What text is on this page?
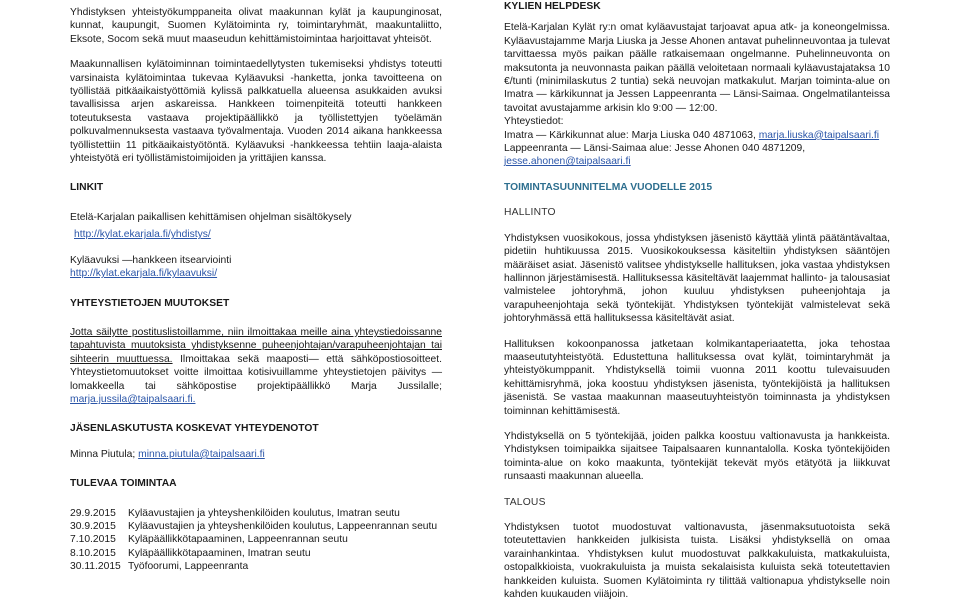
Yhdistyksen yhteistyökumppaneita olivat maakunnan kylät ja kaupunginosat, kunnat, kaupungit, Suomen Kylätoiminta ry, toimintaryhmät, maakuntaliitto, Eksote, Socom sekä muut maaseudun kehittämistoimintaa harjoittavat yhteisöt.

Maakunnallisen kylätoiminnan toimintaedellytysten tukemiseksi yhdistys toteutti varsinaista kylätoimintaa tukevaa Kyläavuksi -hanketta, jonka tavoitteena on työllistää pitkäaikaistyöttömiä kylissä palkkatuella alueensa asukkaiden avuksi tavallisissa arjen askareissa. Hankkeen toimenpiteitä toteutti hankkeen toteutuksesta vastaava projektipäällikkö ja työllistettyjen työelämän polkuvalmennuksesta vastaava työvalmentaja. Vuoden 2014 aikana hankkeessa työllistettiin 11 pitkäaikaistyötöntä. Kyläavuksi -hankkeessa tehtiin laaja-alaista yhteistyötä eri työllistämistoimijoiden ja yrittäjien kanssa.

LINKIT
Etelä-Karjalan paikallisen kehittämisen ohjelman sisältökysely
http://kylat.ekarjala.fi/yhdistys/
Kyläavuksi —hankkeen itsearviointi
http://kylat.ekarjala.fi/kylaavuksi/
YHTEYSTIETOJEN MUUTOKSET

Jotta säilytte postituslistoillamme, niin ilmoittakaa meille aina yhteystiedoissanne tapahtuvista muutoksista yhdistyksenne puheenjohtajan/varapuheenjohtajan tai sihteerin muuttuessa. Ilmoittakaa sekä maaposti— että sähköpostiosoitteet. Yhteystietomuutokset voitte ilmoittaa kotisivuillamme yhteystietojen päivitys —lomakkeella tai sähköpostise projektipäällikkö Marja Jussilalle; marja.jussila@taipalsaari.fi.

JÄSENLASKUTUSTA KOSKEVAT YHTEYDENOTOT
Minna Piutula; minna.piutula@taipalsaari.fi
TULEVAA TOIMINTAA
29.9.2015	Kyläavustajien ja yhteyshenkilöiden koulutus, Imatran seutu
30.9.2015	Kyläavustajien ja yhteyshenkilöiden koulutus, Lappeenrannan seutu
7.10.2015	Kyläpäällikkötapaaminen, Lappeenrannan seutu
8.10.2015	Kyläpäällikkötapaaminen, Imatran seutu
30.11.2015 Työfoorumi, Lappeenranta
KYLIEN HELPDESK

Etelä-Karjalan Kylät ry:n omat kyläavustajat tarjoavat apua atk- ja koneongelmissa. Kyläavustajamme Marja Liuska ja Jesse Ahonen antavat puhelinneuvontaa ja tulevat tarvittaessa myös paikan päälle ratkaisemaan ongelmanne. Puhelinneuvonta on maksutonta ja neuvonnasta paikan päällä veloitetaan normaali kyläavustajataksa 10 €/tunti (minimilaskutus 2 tuntia) sekä neuvojan matkakulut. Marjan toiminta-alue on Imatra — kärkikunnat ja Jessen Lappeenranta — Länsi-Saimaa. Ongelmatilanteissa tavoitat avustajamme arkisin klo 9:00 — 12:00.

Yhteystiedot:
Imatra — Kärkikunnat alue: Marja Liuska 040 4871063, marja.liuska@taipalsaari.fi
Lappeenranta — Länsi-Saimaa alue: Jesse Ahonen 040 4871209, jesse.ahonen@taipalsaari.fi
TOIMINTASUUNNITELMA VUODELLE 2015
HALLINTO

Yhdistyksen vuosikokous, jossa yhdistyksen jäsenistö käyttää ylintä päätäntävaltaa, pidetiin huhtikuussa 2015. Vuosikokouksessa käsiteltiin yhdistyksen sääntöjen määräiset asiat. Jäsenistö valitsee yhdistykselle hallituksen, joka vastaa yhdistyksen hallinnon järjestämisestä. Hallituksessa käsiteltävät laajemmat hallinto- ja talousasiat valmistelee johtoryhmä, johon kuuluu yhdistyksen puheenjohtaja ja varapuheenjohtaja sekä työntekijät. Yhdistyksen työntekijät valmistelevat sekä johtoryhmässä että hallituksessa käsiteltävät asiat.

Hallituksen kokoonpanossa jatketaan kolmikantaperiaatetta, joka tehostaa maaseututyhteistyötä. Edustettuna hallituksessa ovat kylät, toimintaryhmät ja yhteistyökumppanit. Yhdistyksellä toimii vuonna 2011 koottu tulevaisuuden kehittämisryhmä, joka koostuu yhdistyksen jäsenista, työntekijöistä ja hallituksen jäsenistä. Se vastaa maakunnan maaseutuyhteistyön toiminnasta ja yhdistyksen toiminnan kehittämisestä.

Yhdistyksellä on 5 työntekijää, joiden palkka koostuu valtionavusta ja hankkeista. Yhdistyksen toimipaikka sijaitsee Taipalsaaren kunnantalolla. Koska työntekijöiden toiminta-alue on koko maakunta, työntekijät tekevät myös etätyötä ja liikkuvat runsaasti maakunnan alueella.

TALOUS

Yhdistyksen tuotot muodostuvat valtionavusta, jäsenmaksutuotoista sekä toteutettavien hankkeiden julkisista tuista. Lisäksi yhdistyksellä on omaa varainhankintaa. Yhdistyksen kulut muodostuvat palkkakuluista, matkakuluista, ostopalkkioista, vuokrakuluista ja muista sekalaisista kuluista sekä toteutettavien hankkeiden kuluista. Suomen Kylätoiminta ry tilittää valtionapua yhdistykselle noin kahden kuukauden viiäjoin.
